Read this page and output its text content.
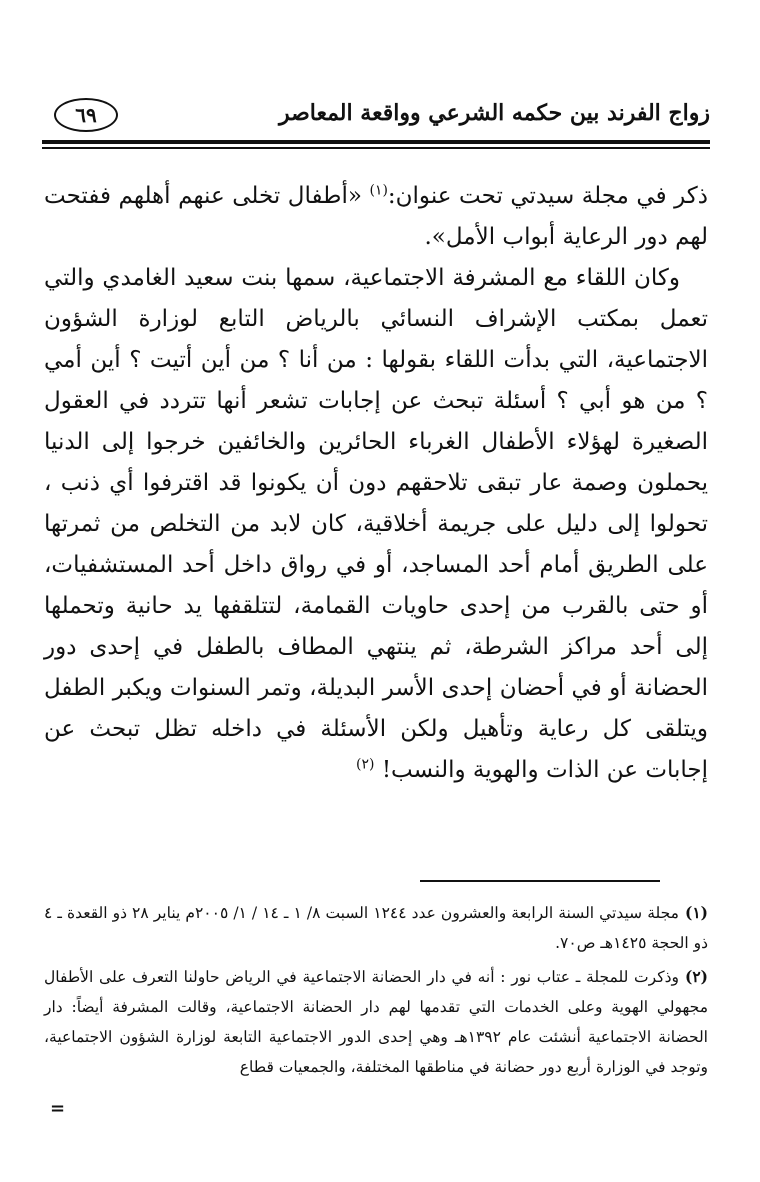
زواج الفرند بين حكمه الشرعي وواقعة المعاصر
٦٩

ذكر في مجلة سيدتي تحت عنوان:$^{(١)}$ «أطفال تخلى عنهم أهلهم ففتحت لهم دور الرعاية أبواب الأمل».

وكان اللقاء مع المشرفة الاجتماعية، سمها بنت سعيد الغامدي والتي تعمل بمكتب الإشراف النسائي بالرياض التابع لوزارة الشؤون الاجتماعية، التي بدأت اللقاء بقولها : من أنا ؟ من أين أتيت ؟ أين أمي ؟ من هو أبي ؟ أسئلة تبحث عن إجابات تشعر أنها تتردد في العقول الصغيرة لهؤلاء الأطفال الغرباء الحائرين والخائفين خرجوا إلى الدنيا يحملون وصمة عار تبقى تلاحقهم دون أن يكونوا قد اقترفوا أي ذنب ، تحولوا إلى دليل على جريمة أخلاقية، كان لابد من التخلص من ثمرتها على الطريق أمام أحد المساجد، أو في رواق داخل أحد المستشفيات، أو حتى بالقرب من إحدى حاويات القمامة، لتتلقفها يد حانية وتحملها إلى أحد مراكز الشرطة، ثم ينتهي المطاف بالطفل في إحدى دور الحضانة أو في أحضان إحدى الأسر البديلة، وتمر السنوات ويكبر الطفل ويتلقى كل رعاية وتأهيل ولكن الأسئلة في داخله تظل تبحث عن إجابات عن الذات والهوية والنسب! $^{(٢)}$

(١)مجلة سيدتي السنة الرابعة والعشرون عدد ١٢٤٤ السبت ٨/ ١ ـ ١٤ / ١/ ٢٠٠٥م يناير ٢٨ ذو القعدة ـ ٤ ذو الحجة ١٤٢٥هـ ص٧٠.

(٢)وذكرت للمجلة ـ عتاب نور : أنه في دار الحضانة الاجتماعية في الرياض حاولنا التعرف على الأطفال مجهولي الهوية وعلى الخدمات التي تقدمها لهم دار الحضانة الاجتماعية، وقالت المشرفة أيضاً: دار الحضانة الاجتماعية أنشئت عام ١٣٩٢هـ وهي إحدى الدور الاجتماعية التابعة لوزارة الشؤون الاجتماعية، وتوجد في الوزارة أربع دور حضانة في مناطقها المختلفة، والجمعيات قطاع

=
